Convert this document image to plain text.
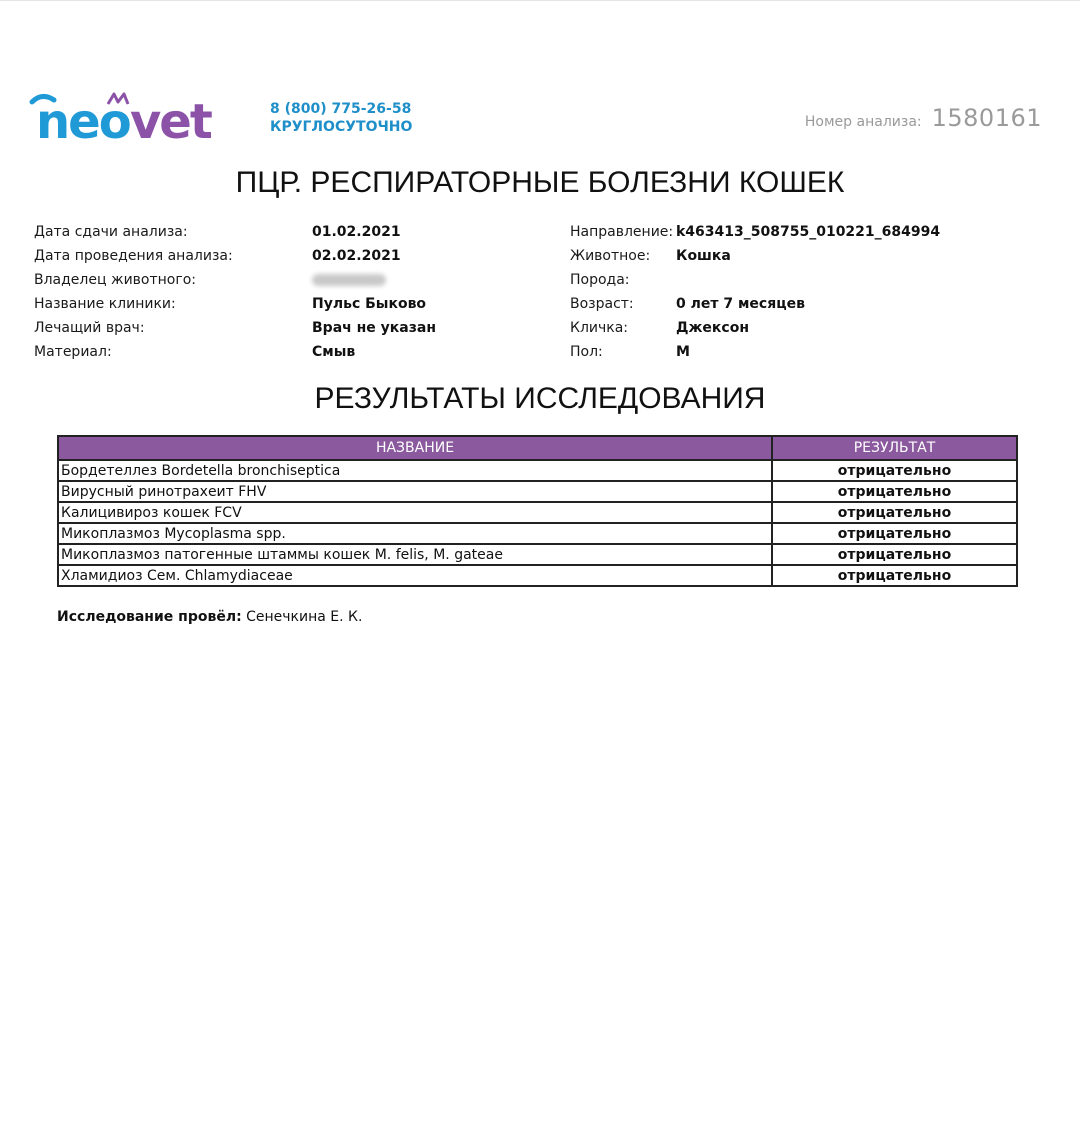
neo vet	8 (800) 775-26-58
КРУГЛОСУТОЧНО	Номер анализа: 1580161
ПЦР. РЕСПИРАТОРНЫЕ БОЛЕЗНИ КОШЕК
Дата сдачи анализа:	01.02.2021
Дата проведения анализа:	02.02.2021
Владелец животного:
Название клиники:	Пульс Быково
Лечащий врач:	Врач не указан
Материал:	Смыв
Направление: k463413_508755_010221_684994
Животное:	Кошка
Порода:
Возраст:	0 лет 7 месяцев
Кличка:	Джексон
Пол:	М
РЕЗУЛЬТАТЫ ИССЛЕДОВАНИЯ
НАЗВАНИЕ	РЕЗУЛЬТАТ
Бордетеллез Bordetella bronchiseptica	отрицательно
Вирусный ринотрахеит FHV	отрицательно
Калицивироз кошек FCV	отрицательно
Микоплазмоз Mycoplasma spp.	отрицательно
Микоплазмоз патогенные штаммы кошек M. felis, M. gateae	отрицательно
Хламидиоз Сем. Chlamydiaceae	отрицательно
Исследование провёл: Сенечкина Е. К.
